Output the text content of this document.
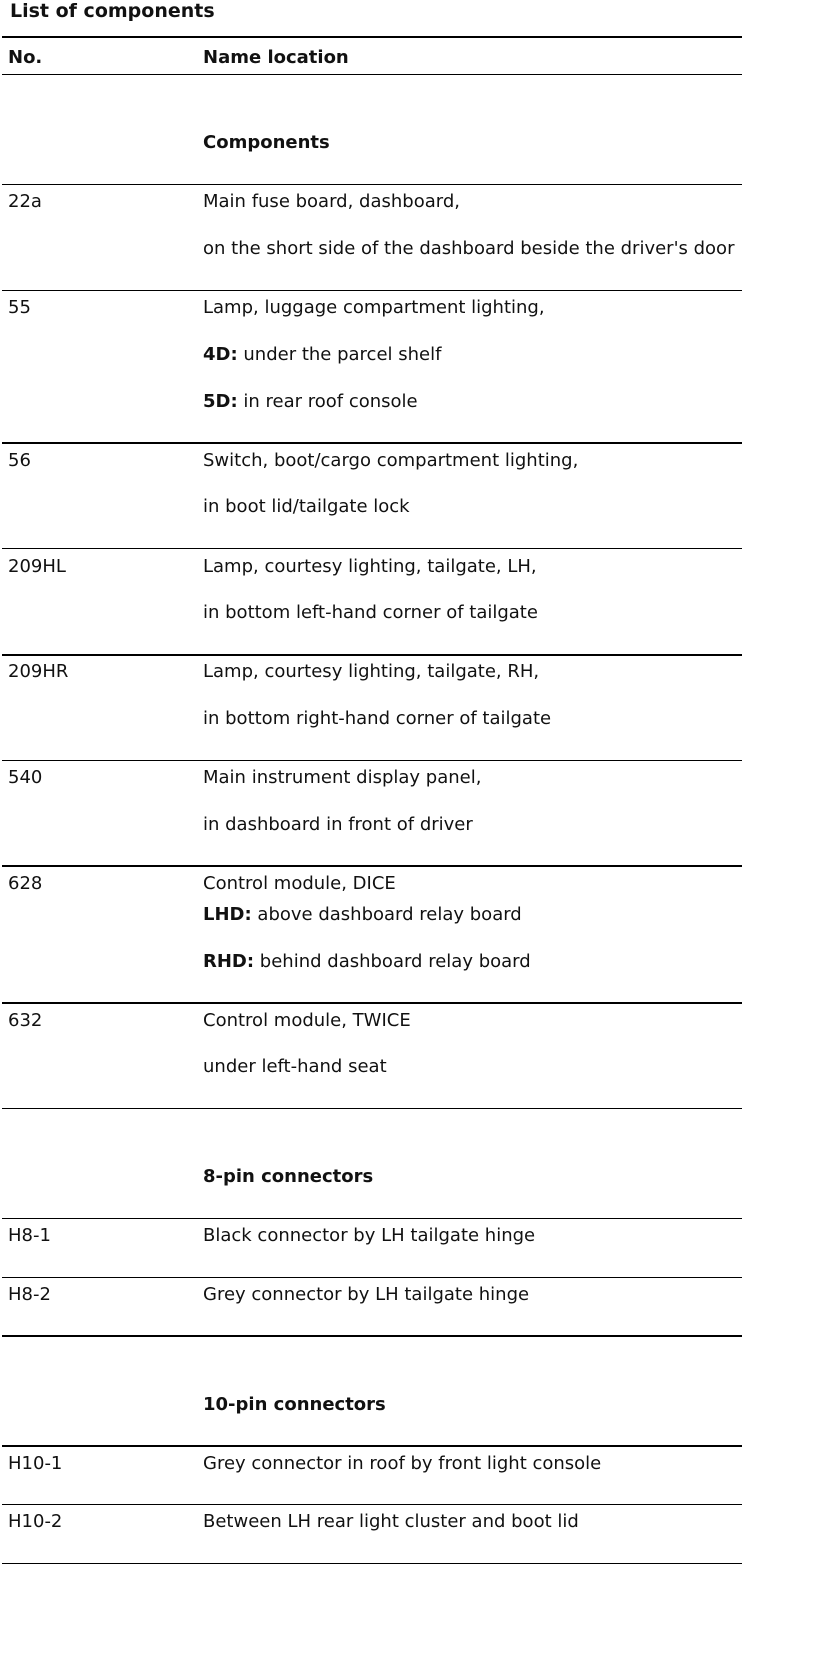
List of components
No.	Name location
Components
22a	Main fuse board, dashboard,
on the short side of the dashboard beside the driver's door
55	Lamp, luggage compartment lighting,
4D: under the parcel shelf
5D: in rear roof console
56	Switch, boot/cargo compartment lighting,
in boot lid/tailgate lock
209HL	Lamp, courtesy lighting, tailgate, LH,
in bottom left-hand corner of tailgate
209HR	Lamp, courtesy lighting, tailgate, RH,
in bottom right-hand corner of tailgate
540	Main instrument display panel,
in dashboard in front of driver
628	Control module, DICE
LHD: above dashboard relay board
RHD: behind dashboard relay board
632	Control module, TWICE
under left-hand seat
8-pin connectors
H8-1	Black connector by LH tailgate hinge
H8-2	Grey connector by LH tailgate hinge
10-pin connectors
H10-1	Grey connector in roof by front light console
H10-2	Between LH rear light cluster and boot lid
